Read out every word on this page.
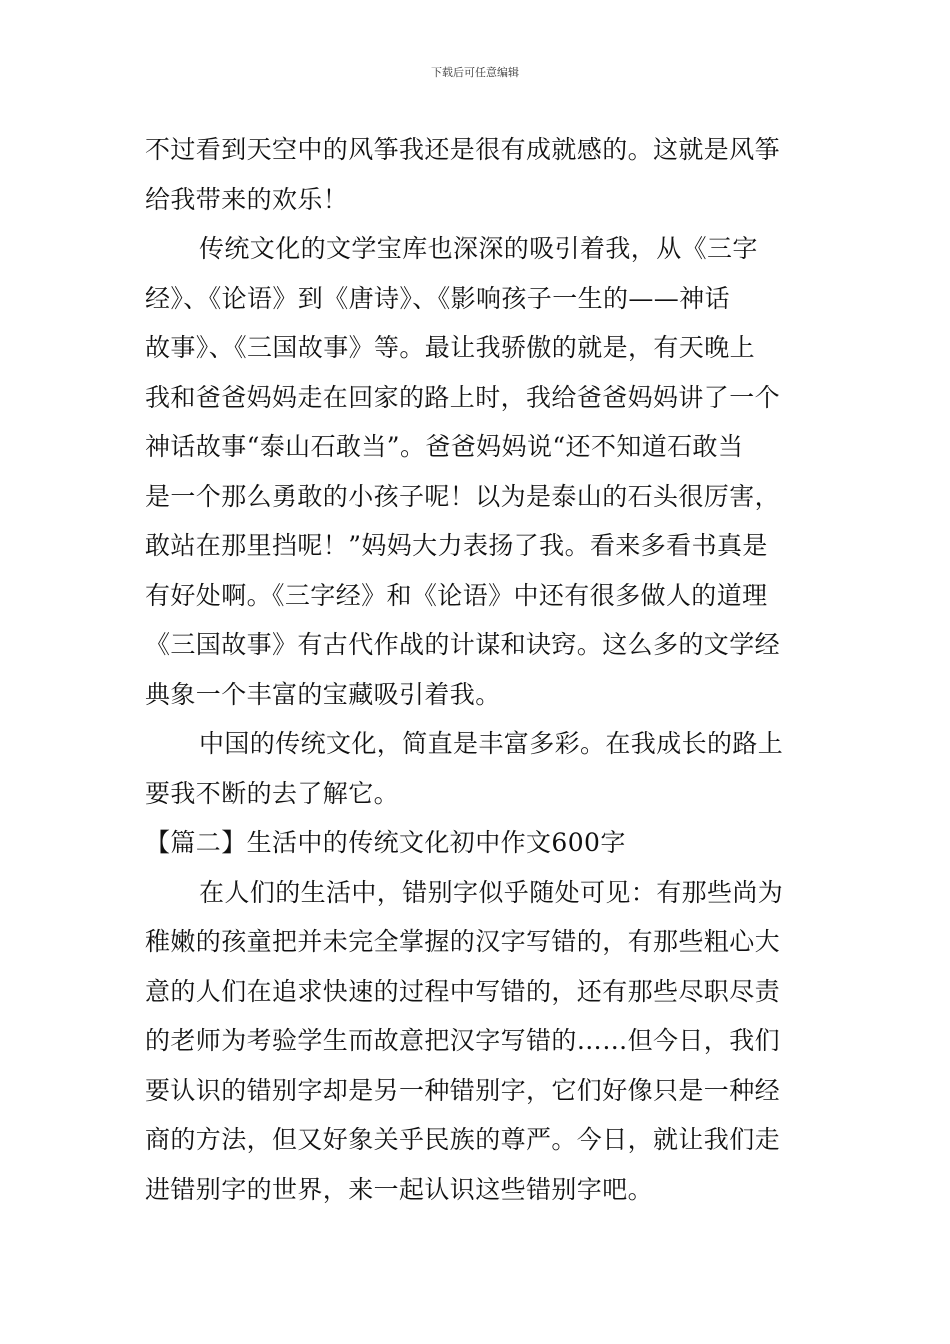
下载后可任意编辑
不过看到天空中的风筝我还是很有成就感的。这就是风筝
给我带来的欢乐！
传统文化的文学宝库也深深的吸引着我，从《三字
经》、《论语》到《唐诗》、《影响孩子一生的——神话
故事》、《三国故事》等。最让我骄傲的就是，有天晚上
我和爸爸妈妈走在回家的路上时，我给爸爸妈妈讲了一个
神话故事“泰山石敢当”。爸爸妈妈说“还不知道石敢当
是一个那么勇敢的小孩子呢！以为是泰山的石头很厉害，
敢站在那里挡呢！”妈妈大力表扬了我。看来多看书真是
有好处啊。《三字经》和《论语》中还有很多做人的道理
《三国故事》有古代作战的计谋和诀窍。这么多的文学经
典象一个丰富的宝藏吸引着我。
中国的传统文化，简直是丰富多彩。在我成长的路上
要我不断的去了解它。
【篇二】生活中的传统文化初中作文600字
在人们的生活中，错别字似乎随处可见：有那些尚为
稚嫩的孩童把并未完全掌握的汉字写错的，有那些粗心大
意的人们在追求快速的过程中写错的，还有那些尽职尽责
的老师为考验学生而故意把汉字写错的……但今日，我们
要认识的错别字却是另一种错别字，它们好像只是一种经
商的方法，但又好象关乎民族的尊严。今日，就让我们走
进错别字的世界，来一起认识这些错别字吧。
